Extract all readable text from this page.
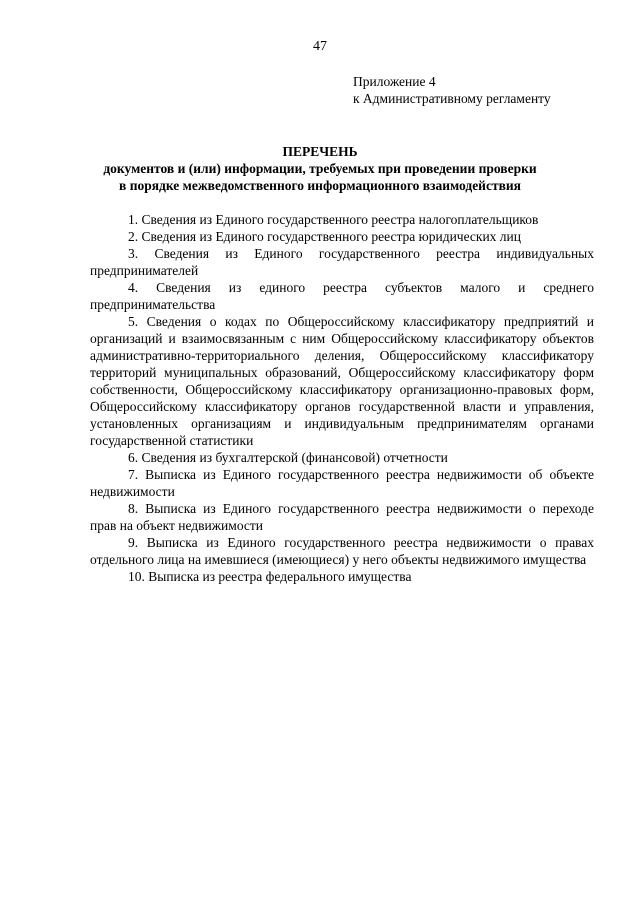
47
Приложение 4
к Административному регламенту
ПЕРЕЧЕНЬ
документов и (или) информации, требуемых при проведении проверки
в порядке межведомственного информационного взаимодействия

1. Сведения из Единого государственного реестра налогоплательщиков

2. Сведения из Единого государственного реестра юридических лиц

3. Сведения из Единого государственного реестра индивидуальных предпринимателей

4. Сведения из единого реестра субъектов малого и среднего предпринимательства

5. Сведения о кодах по Общероссийскому классификатору предприятий и организаций и взаимосвязанным с ним Общероссийскому классификатору объектов административно-территориального деления, Общероссийскому классификатору территорий муниципальных образований, Общероссийскому классификатору форм собственности, Общероссийскому классификатору организационно-правовых форм, Общероссийскому классификатору органов государственной власти и управления, установленных организациям и индивидуальным предпринимателям органами государственной статистики

6. Сведения из бухгалтерской (финансовой) отчетности

7. Выписка из Единого государственного реестра недвижимости об объекте недвижимости

8. Выписка из Единого государственного реестра недвижимости о переходе прав на объект недвижимости

9. Выписка из Единого государственного реестра недвижимости о правах отдельного лица на имевшиеся (имеющиеся) у него объекты недвижимого имущества

10. Выписка из реестра федерального имущества
